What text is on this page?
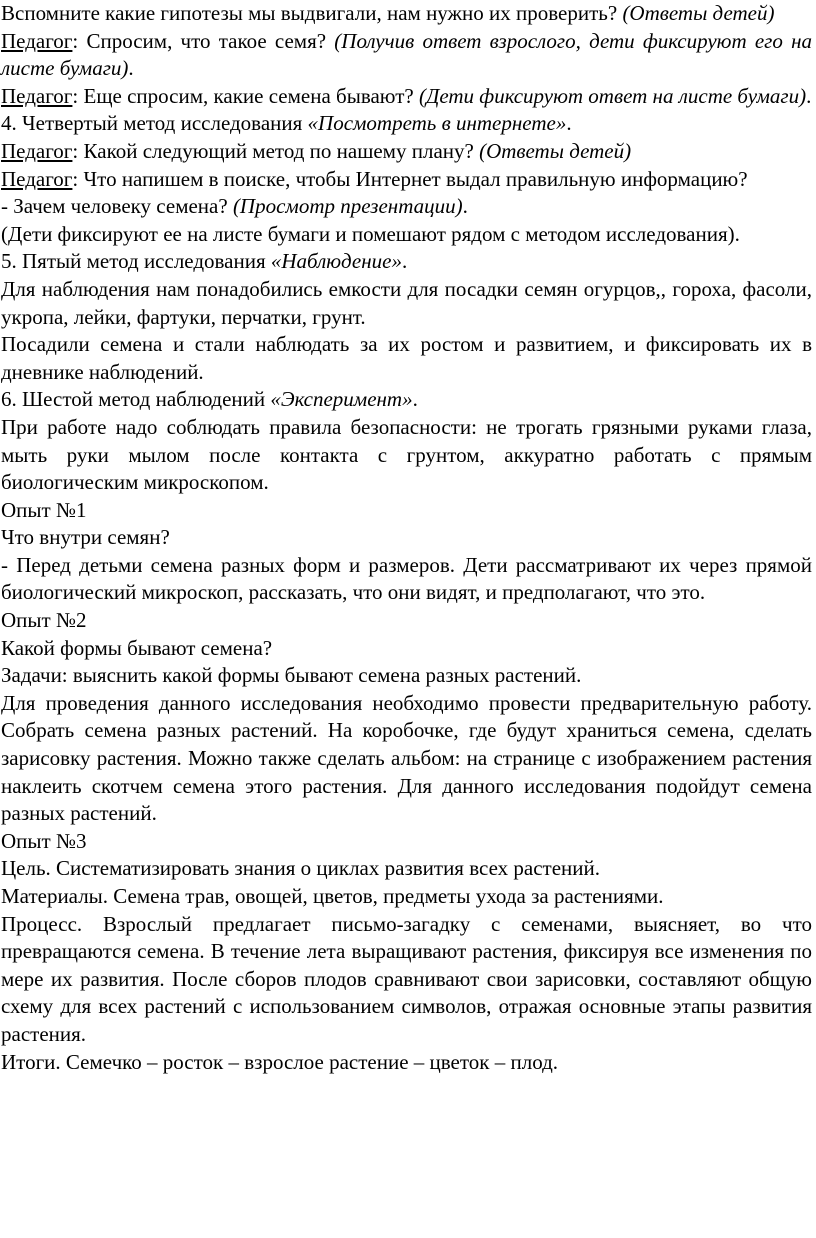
Вспомните какие гипотезы мы выдвигали, нам нужно их проверить? (Ответы детей)

Педагог: Спросим, что такое семя? (Получив ответ взрослого, дети фиксируют его на листе бумаги).

Педагог: Еще спросим, какие семена бывают? (Дети фиксируют ответ на листе бумаги).

4. Четвертый метод исследования «Посмотреть в интернете».

Педагог: Какой следующий метод по нашему плану? (Ответы детей)

Педагог: Что напишем в поиске, чтобы Интернет выдал правильную информацию?

- Зачем человеку семена? (Просмотр презентации).

(Дети фиксируют ее на листе бумаги и помешают рядом с методом исследования).

5. Пятый метод исследования «Наблюдение».

Для наблюдения нам понадобились емкости для посадки семян огурцов,, гороха, фасоли, укропа, лейки, фартуки, перчатки, грунт.

Посадили семена и стали наблюдать за их ростом и развитием, и фиксировать их в дневнике наблюдений.

6. Шестой метод наблюдений «Эксперимент».

При работе надо соблюдать правила безопасности: не трогать грязными руками глаза, мыть руки мылом после контакта с грунтом, аккуратно работать с прямым биологическим микроскопом.

Опыт №1

Что внутри семян?

- Перед детьми семена разных форм и размеров. Дети рассматривают их через прямой биологический микроскоп, рассказать, что они видят, и предполагают, что это.

Опыт №2

Какой формы бывают семена?

Задачи: выяснить какой формы бывают семена разных растений.

Для проведения данного исследования необходимо провести предварительную работу. Собрать семена разных растений. На коробочке, где будут храниться семена, сделать зарисовку растения. Можно также сделать альбом: на странице с изображением растения наклеить скотчем семена этого растения. Для данного исследования подойдут семена разных растений.

Опыт №3

Цель. Систематизировать знания о циклах развития всех растений.

Материалы. Семена трав, овощей, цветов, предметы ухода за растениями.

Процесс. Взрослый предлагает письмо-загадку с семенами, выясняет, во что превращаются семена. В течение лета выращивают растения, фиксируя все изменения по мере их развития. После сборов плодов сравнивают свои зарисовки, составляют общую схему для всех растений с использованием символов, отражая основные этапы развития растения.

Итоги. Семечко – росток – взрослое растение – цветок – плод.
